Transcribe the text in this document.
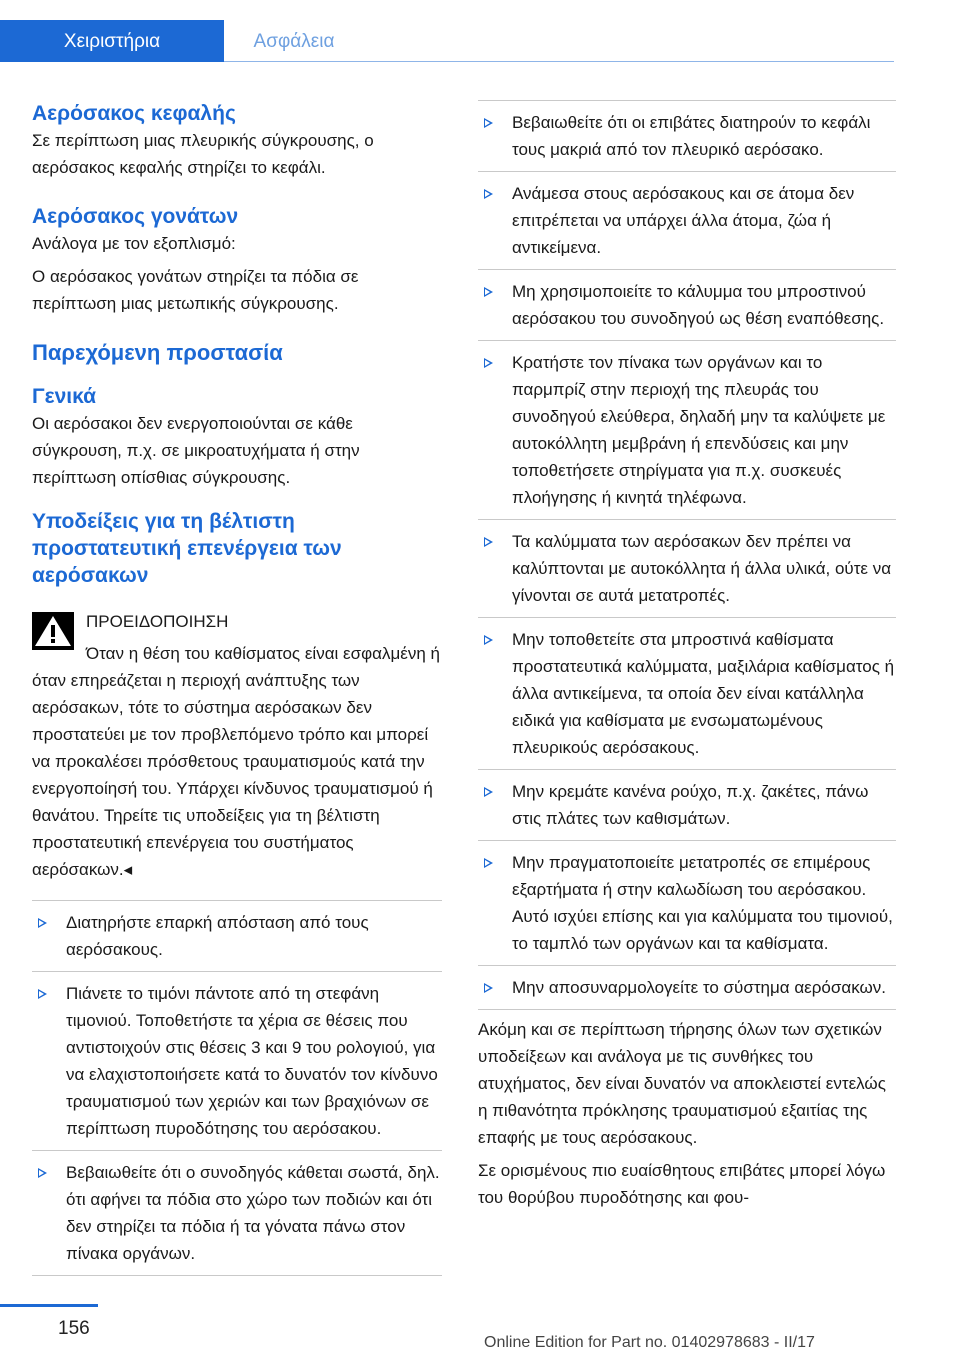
Χειριστήρια	Ασφάλεια
Αερόσακος κεφαλής

Σε περίπτωση μιας πλευρικής σύγκρουσης, ο αερόσακος κεφαλής στηρίζει το κεφάλι.

Αερόσακος γονάτων

Ανάλογα με τον εξοπλισμό:

Ο αερόσακος γονάτων στηρίζει τα πόδια σε περίπτωση μιας μετωπικής σύγκρουσης.

Παρεχόμενη προστασία
Γενικά

Οι αερόσακοι δεν ενεργοποιούνται σε κάθε σύγκρουση, π.χ. σε μικροατυχήματα ή στην περίπτωση οπίσθιας σύγκρουσης.

Υποδείξεις για τη βέλτιστη προστατευτική επενέργεια των αερόσακων
ΠΡΟΕΙΔΟΠΟΙΗΣΗ
Όταν η θέση του καθίσματος είναι εσφαλμένη ή όταν επηρεάζεται η περιοχή ανάπτυξης των αερόσακων, τότε το σύστημα αερόσακων δεν προστατεύει με τον προβλεπόμενο τρόπο και μπορεί να προκαλέσει πρόσθετους τραυματισμούς κατά την ενεργοποίησή του. Υπάρχει κίνδυνος τραυματισμού ή θανάτου. Τηρείτε τις υποδείξεις για τη βέλτιστη προστατευτική επενέργεια του συστήματος αερόσακων.◂
Διατηρήστε επαρκή απόσταση από τους αερόσακους.
Πιάνετε το τιμόνι πάντοτε από τη στεφάνη τιμονιού. Τοποθετήστε τα χέρια σε θέσεις που αντιστοιχούν στις θέσεις 3 και 9 του ρολογιού, για να ελαχιστοποιήσετε κατά το δυνατόν τον κίνδυνο τραυματισμού των χεριών και των βραχιόνων σε περίπτωση πυροδότησης του αερόσακου.
Βεβαιωθείτε ότι ο συνοδηγός κάθεται σωστά, δηλ. ότι αφήνει τα πόδια στο χώρο των ποδιών και ότι δεν στηρίζει τα πόδια ή τα γόνατα πάνω στον πίνακα οργάνων.
Βεβαιωθείτε ότι οι επιβάτες διατηρούν το κεφάλι τους μακριά από τον πλευρικό αερόσακο.
Ανάμεσα στους αερόσακους και σε άτομα δεν επιτρέπεται να υπάρχει άλλα άτομα, ζώα ή αντικείμενα.
Μη χρησιμοποιείτε το κάλυμμα του μπροστινού αερόσακου του συνοδηγού ως θέση εναπόθεσης.
Κρατήστε τον πίνακα των οργάνων και το παρμπρίζ στην περιοχή της πλευράς του συνοδηγού ελεύθερα, δηλαδή μην τα καλύψετε με αυτοκόλλητη μεμβράνη ή επενδύσεις και μην τοποθετήσετε στηρίγματα για π.χ. συσκευές πλοήγησης ή κινητά τηλέφωνα.
Τα καλύμματα των αερόσακων δεν πρέπει να καλύπτονται με αυτοκόλλητα ή άλλα υλικά, ούτε να γίνονται σε αυτά μετατροπές.
Μην τοποθετείτε στα μπροστινά καθίσματα προστατευτικά καλύμματα, μαξιλάρια καθίσματος ή άλλα αντικείμενα, τα οποία δεν είναι κατάλληλα ειδικά για καθίσματα με ενσωματωμένους πλευρικούς αερόσακους.
Μην κρεμάτε κανένα ρούχο, π.χ. ζακέτες, πάνω στις πλάτες των καθισμάτων.
Μην πραγματοποιείτε μετατροπές σε επιμέρους εξαρτήματα ή στην καλωδίωση του αερόσακου. Αυτό ισχύει επίσης και για καλύμματα του τιμονιού, το ταμπλό των οργάνων και τα καθίσματα.
Μην αποσυναρμολογείτε το σύστημα αερόσακων.

Ακόμη και σε περίπτωση τήρησης όλων των σχετικών υποδείξεων και ανάλογα με τις συνθήκες του ατυχήματος, δεν είναι δυνατόν να αποκλειστεί εντελώς η πιθανότητα πρόκλησης τραυματισμού εξαιτίας της επαφής με τους αερόσακους.

Σε ορισμένους πιο ευαίσθητους επιβάτες μπορεί λόγω του θορύβου πυροδότησης και φου-

156
Online Edition for Part no. 01402978683 - II/17
